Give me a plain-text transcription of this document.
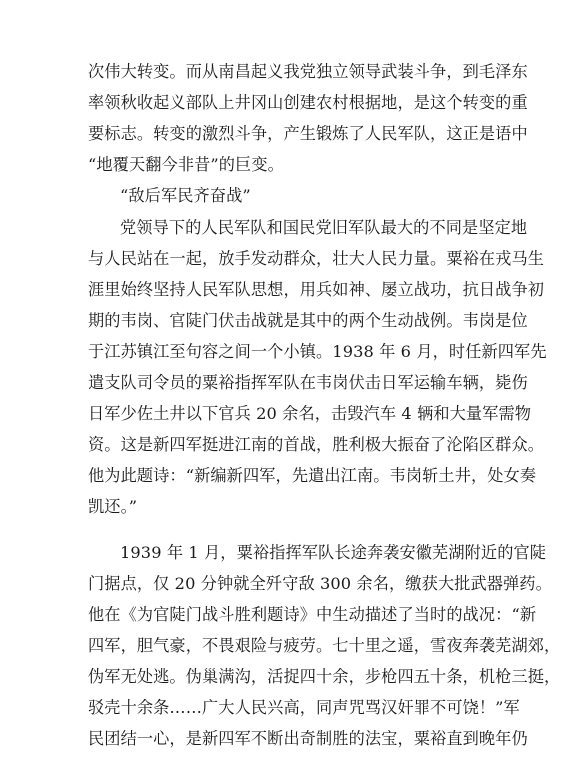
次伟大转变。而从南昌起义我党独立领导武装斗争，到毛泽东
率领秋收起义部队上井冈山创建农村根据地，是这个转变的重
要标志。转变的激烈斗争，产生锻炼了人民军队，这正是语中
“地覆天翻今非昔”的巨变。
“敌后军民齐奋战”
党领导下的人民军队和国民党旧军队最大的不同是坚定地
与人民站在一起，放手发动群众，壮大人民力量。粟裕在戎马生
涯里始终坚持人民军队思想，用兵如神、屡立战功，抗日战争初
期的韦岗、官陡门伏击战就是其中的两个生动战例。韦岗是位
于江苏镇江至句容之间一个小镇。1938 年 6 月，时任新四军先
遣支队司令员的粟裕指挥军队在韦岗伏击日军运输车辆，毙伤
日军少佐土井以下官兵 20 余名，击毁汽车 4 辆和大量军需物
资。这是新四军挺进江南的首战，胜利极大振奋了沦陷区群众。
他为此题诗：“新编新四军，先遣出江南。韦岗斩土井，处女奏
凯还。”
1939 年 1 月，粟裕指挥军队长途奔袭安徽芜湖附近的官陡
门据点，仅 20 分钟就全歼守敌 300 余名，缴获大批武器弹药。
他在《为官陡门战斗胜利题诗》中生动描述了当时的战况：“新
四军，胆气豪，不畏艰险与疲劳。七十里之遥，雪夜奔袭芜湖郊，
伪军无处逃。伪巢满沟，活捉四十余，步枪四五十条，机枪三挺，
驳壳十余条……广大人民兴高，同声咒骂汉奸罪不可饶！”军
民团结一心，是新四军不断出奇制胜的法宝，粟裕直到晚年仍
